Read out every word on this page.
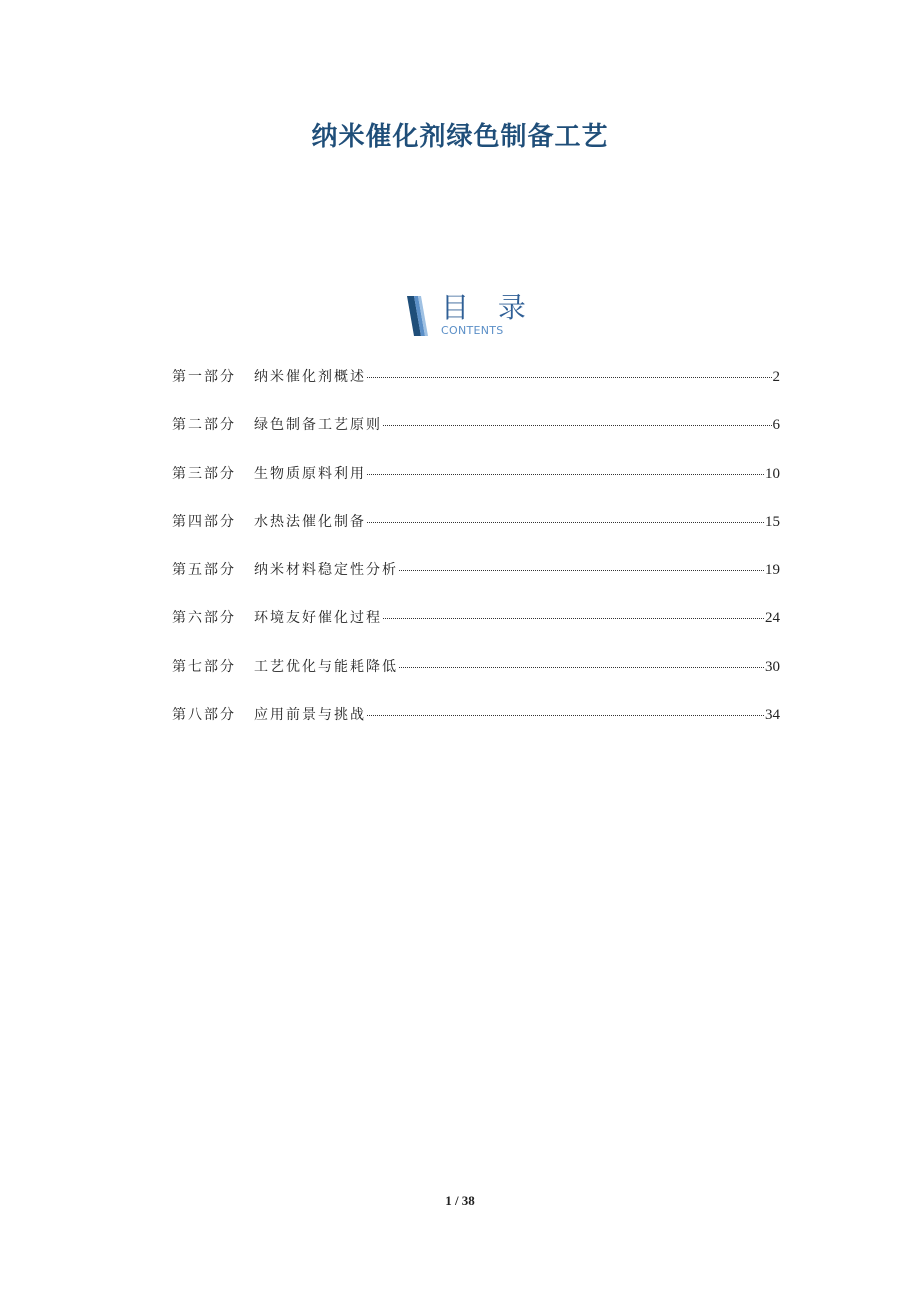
纳米催化剂绿色制备工艺
目 录
CONTENTS
第一部分	纳米催化剂概述	2
第二部分	绿色制备工艺原则	6
第三部分	生物质原料利用	10
第四部分	水热法催化制备	15
第五部分	纳米材料稳定性分析	19
第六部分	环境友好催化过程	24
第七部分	工艺优化与能耗降低	30
第八部分	应用前景与挑战	34
1 / 38
